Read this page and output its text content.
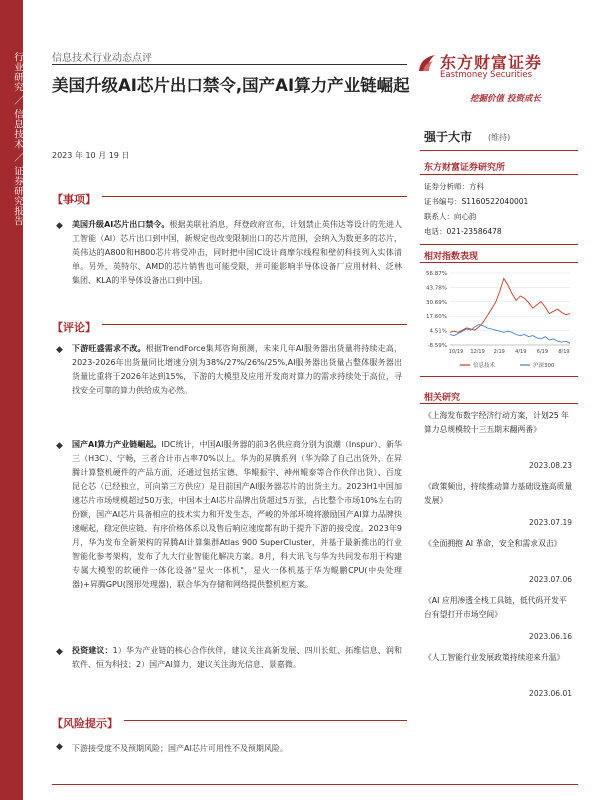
行业研究 ／ 信息技术 ／ 证券研究报告	信息技术行业动态点评
美国升级AI芯片出口禁令,国产AI算力产业链崛起
2023 年 10 月 19 日
东方财富证券
Eastmoney Securities
挖掘价值 投资成长
强于大市 (维持)
东方财富证券研究所
证券分析师：方科
证书编号：S1160522040001
联系人：向心韵
电话：021-23586478
相对指数表现
56.87%
43.78%
30.69%
17.60%
4.51%
-8.59%
10/19 12/19 2/19 4/19 6/19 8/19
信息技术	沪深300
相关研究
《上海发布数字经济行动方案，计划25 年算力总规模较十三五期末翻两番》
2023.08.23
《政策频出，持续推动算力基础设施高质量发展》
2023.07.19
《全面拥抱 AI 革命，安全和需求双击》
2023.07.06
《AI 应用渗透全栈工具链，低代码开发平台有望打开市场空间》
2023.06.16
《人工智能行业发展政策持续迎来升温》
2023.06.01
【事项】
◆ 美国升级AI芯片出口禁令。根据美联社消息，拜登政府宣布，计划禁止英伟达等设计的先进人工智能（AI）芯片出口到中国，新规定也改变限制出口的芯片范围，会纳入为数更多的芯片，英伟达的A800和H800芯片将受冲击，同时把中国IC设计商摩尔线程和壁仞科技列入实体清单。另外，英特尔、AMD的芯片销售也可能受限，并可能影响半导体设备厂应用材料、泛林集团、KLA的半导体设备出口到中国。
【评论】
◆ 下游旺盛需求不改。根据TrendForce集邦咨询预测，未来几年AI服务器出货量将持续走高，2023-2026年出货量同比增速分别为38%/27%/26%/25%,AI服务器出货量占整体服务器出货量比重将于2026年达到15%，下游的大模型及应用开发商对算力的需求持续处于高位，寻找安全可靠的算力供给成为必然。
◆ 国产AI算力产业链崛起。IDC统计，中国AI服务器的前3名供应商分别为浪潮（Inspur）、新华三（H3C）、宁畅，三者合计市占率70%以上。华为的昇腾系列（华为除了自己出货外，在昇腾计算整机硬件的产品方面，还通过包括宝德、华鲲振宇、神州鲲泰等合作伙伴出货）、百度昆仑芯（已经独立，可向第三方供应）是目前国产AI服务器芯片的出货主力。2023H1中国加速芯片市场规模超过50万张，中国本土AI芯片品牌出货超过5万张，占比整个市场10%左右的份额，国产AI芯片具备相应的技术实力和开发生态，严峻的外部环境将激励国产AI算力品牌快速崛起，稳定供应链、有序价格体系以及售后响应速度都有助于提升下游的接受度。2023年9月，华为发布全新架构的昇腾AI计算集群Atlas 900 SuperCluster，并基于最新推出的行业智能化参考架构，发布了九大行业智能化解决方案。8月，科大讯飞与华为共同发布用于构建专属大模型的软硬件一体化设备"星火一体机"，星火一体机基于华为鲲鹏CPU(中央处理器)+昇腾GPU(图形处理器)，联合华为存储和网络提供整机柜方案。
◆ 投资建议：1）华为产业链的核心合作伙伴，建议关注高新发展、四川长虹、拓维信息、润和软件、恒为科技；2）国产AI算力，建议关注海光信息、景嘉微。
【风险提示】
◆ 下游接受度不及预期风险；国产AI芯片可用性不及预期风险。
